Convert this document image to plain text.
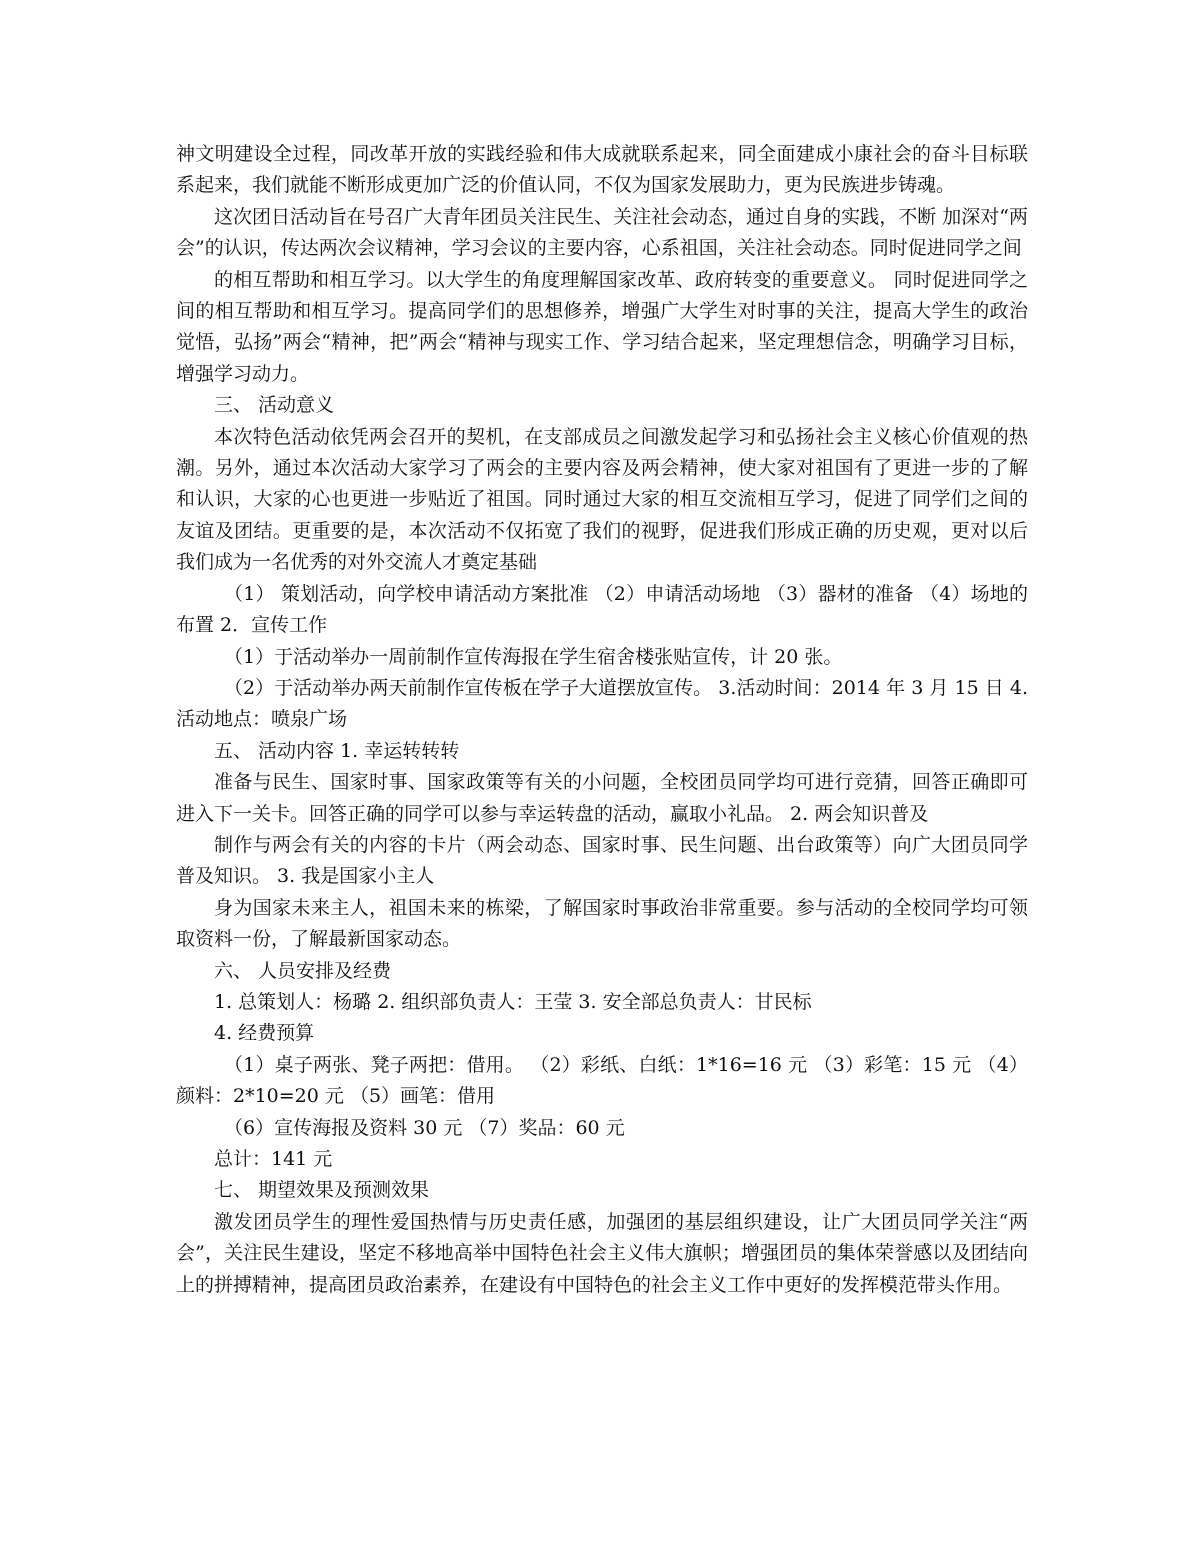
神文明建设全过程，同改革开放的实践经验和伟大成就联系起来，同全面建成小康社会的奋斗目标联系起来，我们就能不断形成更加广泛的价值认同，不仅为国家发展助力，更为民族进步铸魂。

这次团日活动旨在号召广大青年团员关注民生、关注社会动态，通过自身的实践，不断 加深对“两会”的认识，传达两次会议精神，学习会议的主要内容，心系祖国，关注社会动态。同时促进同学之间

的相互帮助和相互学习。以大学生的角度理解国家改革、政府转变的重要意义。 同时促进同学之间的相互帮助和相互学习。提高同学们的思想修养，增强广大学生对时事的关注，提高大学生的政治觉悟，弘扬”两会“精神，把”两会“精神与现实工作、学习结合起来，坚定理想信念，明确学习目标，增强学习动力。

三、 活动意义

本次特色活动依凭两会召开的契机，在支部成员之间激发起学习和弘扬社会主义核心价值观的热潮。另外，通过本次活动大家学习了两会的主要内容及两会精神，使大家对祖国有了更进一步的了解和认识，大家的心也更进一步贴近了祖国。同时通过大家的相互交流相互学习，促进了同学们之间的友谊及团结。更重要的是，本次活动不仅拓宽了我们的视野，促进我们形成正确的历史观，更对以后我们成为一名优秀的对外交流人才奠定基础

（1） 策划活动，向学校申请活动方案批准 （2）申请活动场地 （3）器材的准备 （4）场地的布置 2．宣传工作

（1）于活动举办一周前制作宣传海报在学生宿舍楼张贴宣传，计 20 张。

（2）于活动举办两天前制作宣传板在学子大道摆放宣传。 3.活动时间：2014 年 3 月 15 日 4.活动地点：喷泉广场

五、 活动内容 1. 幸运转转转

准备与民生、国家时事、国家政策等有关的小问题，全校团员同学均可进行竞猜，回答正确即可进入下一关卡。回答正确的同学可以参与幸运转盘的活动，赢取小礼品。 2. 两会知识普及

制作与两会有关的内容的卡片（两会动态、国家时事、民生问题、出台政策等）向广大团员同学普及知识。 3. 我是国家小主人

身为国家未来主人，祖国未来的栋梁，了解国家时事政治非常重要。参与活动的全校同学均可领取资料一份，了解最新国家动态。

六、 人员安排及经费

1. 总策划人：杨璐 2. 组织部负责人：王莹 3. 安全部总负责人：甘民标

4. 经费预算

（1）桌子两张、凳子两把：借用。 （2）彩纸、白纸：1*16=16 元 （3）彩笔：15 元 （4）颜料：2*10=20 元 （5）画笔：借用

（6）宣传海报及资料 30 元 （7）奖品：60 元

总计：141 元

七、 期望效果及预测效果

激发团员学生的理性爱国热情与历史责任感，加强团的基层组织建设，让广大团员同学关注“两会”，关注民生建设，坚定不移地高举中国特色社会主义伟大旗帜；增强团员的集体荣誉感以及团结向上的拼搏精神，提高团员政治素养，在建设有中国特色的社会主义工作中更好的发挥模范带头作用。
